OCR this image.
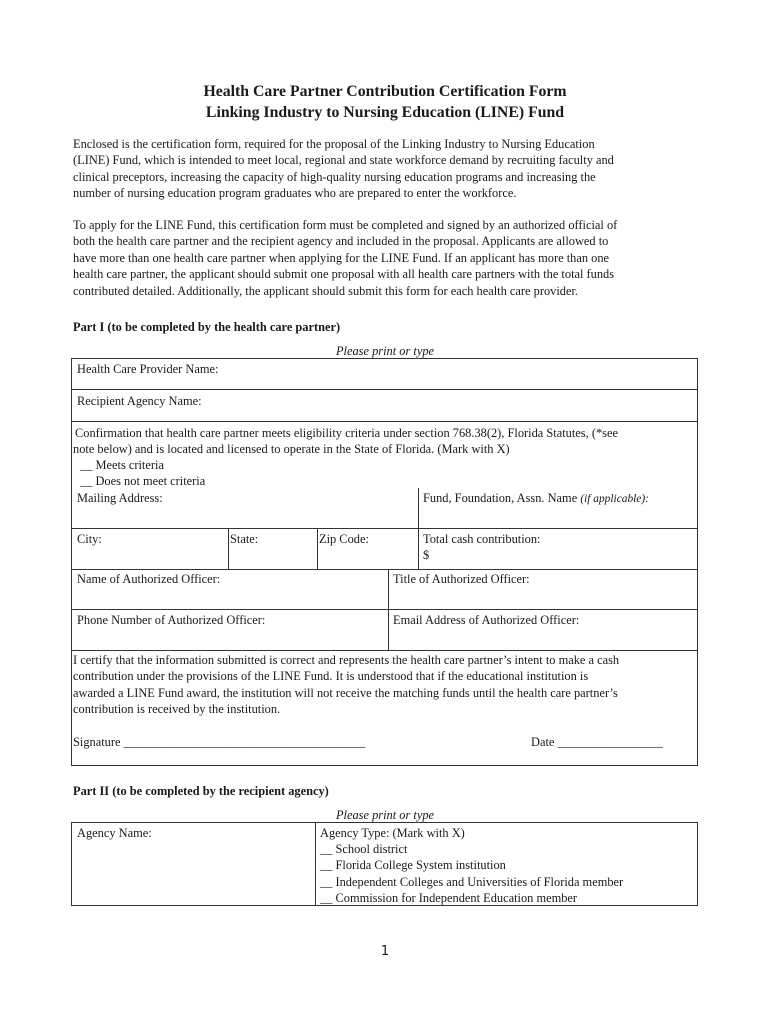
Health Care Partner Contribution Certification Form
Linking Industry to Nursing Education (LINE) Fund
Enclosed is the certification form, required for the proposal of the Linking Industry to Nursing Education
(LINE) Fund, which is intended to meet local, regional and state workforce demand by recruiting faculty and
clinical preceptors, increasing the capacity of high-quality nursing education programs and increasing the
number of nursing education program graduates who are prepared to enter the workforce.
To apply for the LINE Fund, this certification form must be completed and signed by an authorized official of
both the health care partner and the recipient agency and included in the proposal. Applicants are allowed to
have more than one health care partner when applying for the LINE Fund. If an applicant has more than one
health care partner, the applicant should submit one proposal with all health care partners with the total funds
contributed detailed. Additionally, the applicant should submit this form for each health care provider.
Part I (to be completed by the health care partner)
Please print or type
Health Care Provider Name:
Recipient Agency Name:
Confirmation that health care partner meets eligibility criteria under section 768.38(2), Florida Statutes, (*see
note below) and is located and licensed to operate in the State of Florida. (Mark with X)
__ Meets criteria
__ Does not meet criteria
Mailing Address:	Fund, Foundation, Assn. Name (if applicable):
City:	State:	Zip Code:	Total cash contribution:
$
Name of Authorized Officer:	Title of Authorized Officer:
Phone Number of Authorized Officer:	Email Address of Authorized Officer:
I certify that the information submitted is correct and represents the health care partner’s intent to make a cash
contribution under the provisions of the LINE Fund. It is understood that if the educational institution is
awarded a LINE Fund award, the institution will not receive the matching funds until the health care partner’s
contribution is received by the institution.
Signature _______________________________________	Date _________________
Part II (to be completed by the recipient agency)
Please print or type
Agency Name:	Agency Type: (Mark with X)
__ School district
__ Florida College System institution
__ Independent Colleges and Universities of Florida member
__ Commission for Independent Education member
1
